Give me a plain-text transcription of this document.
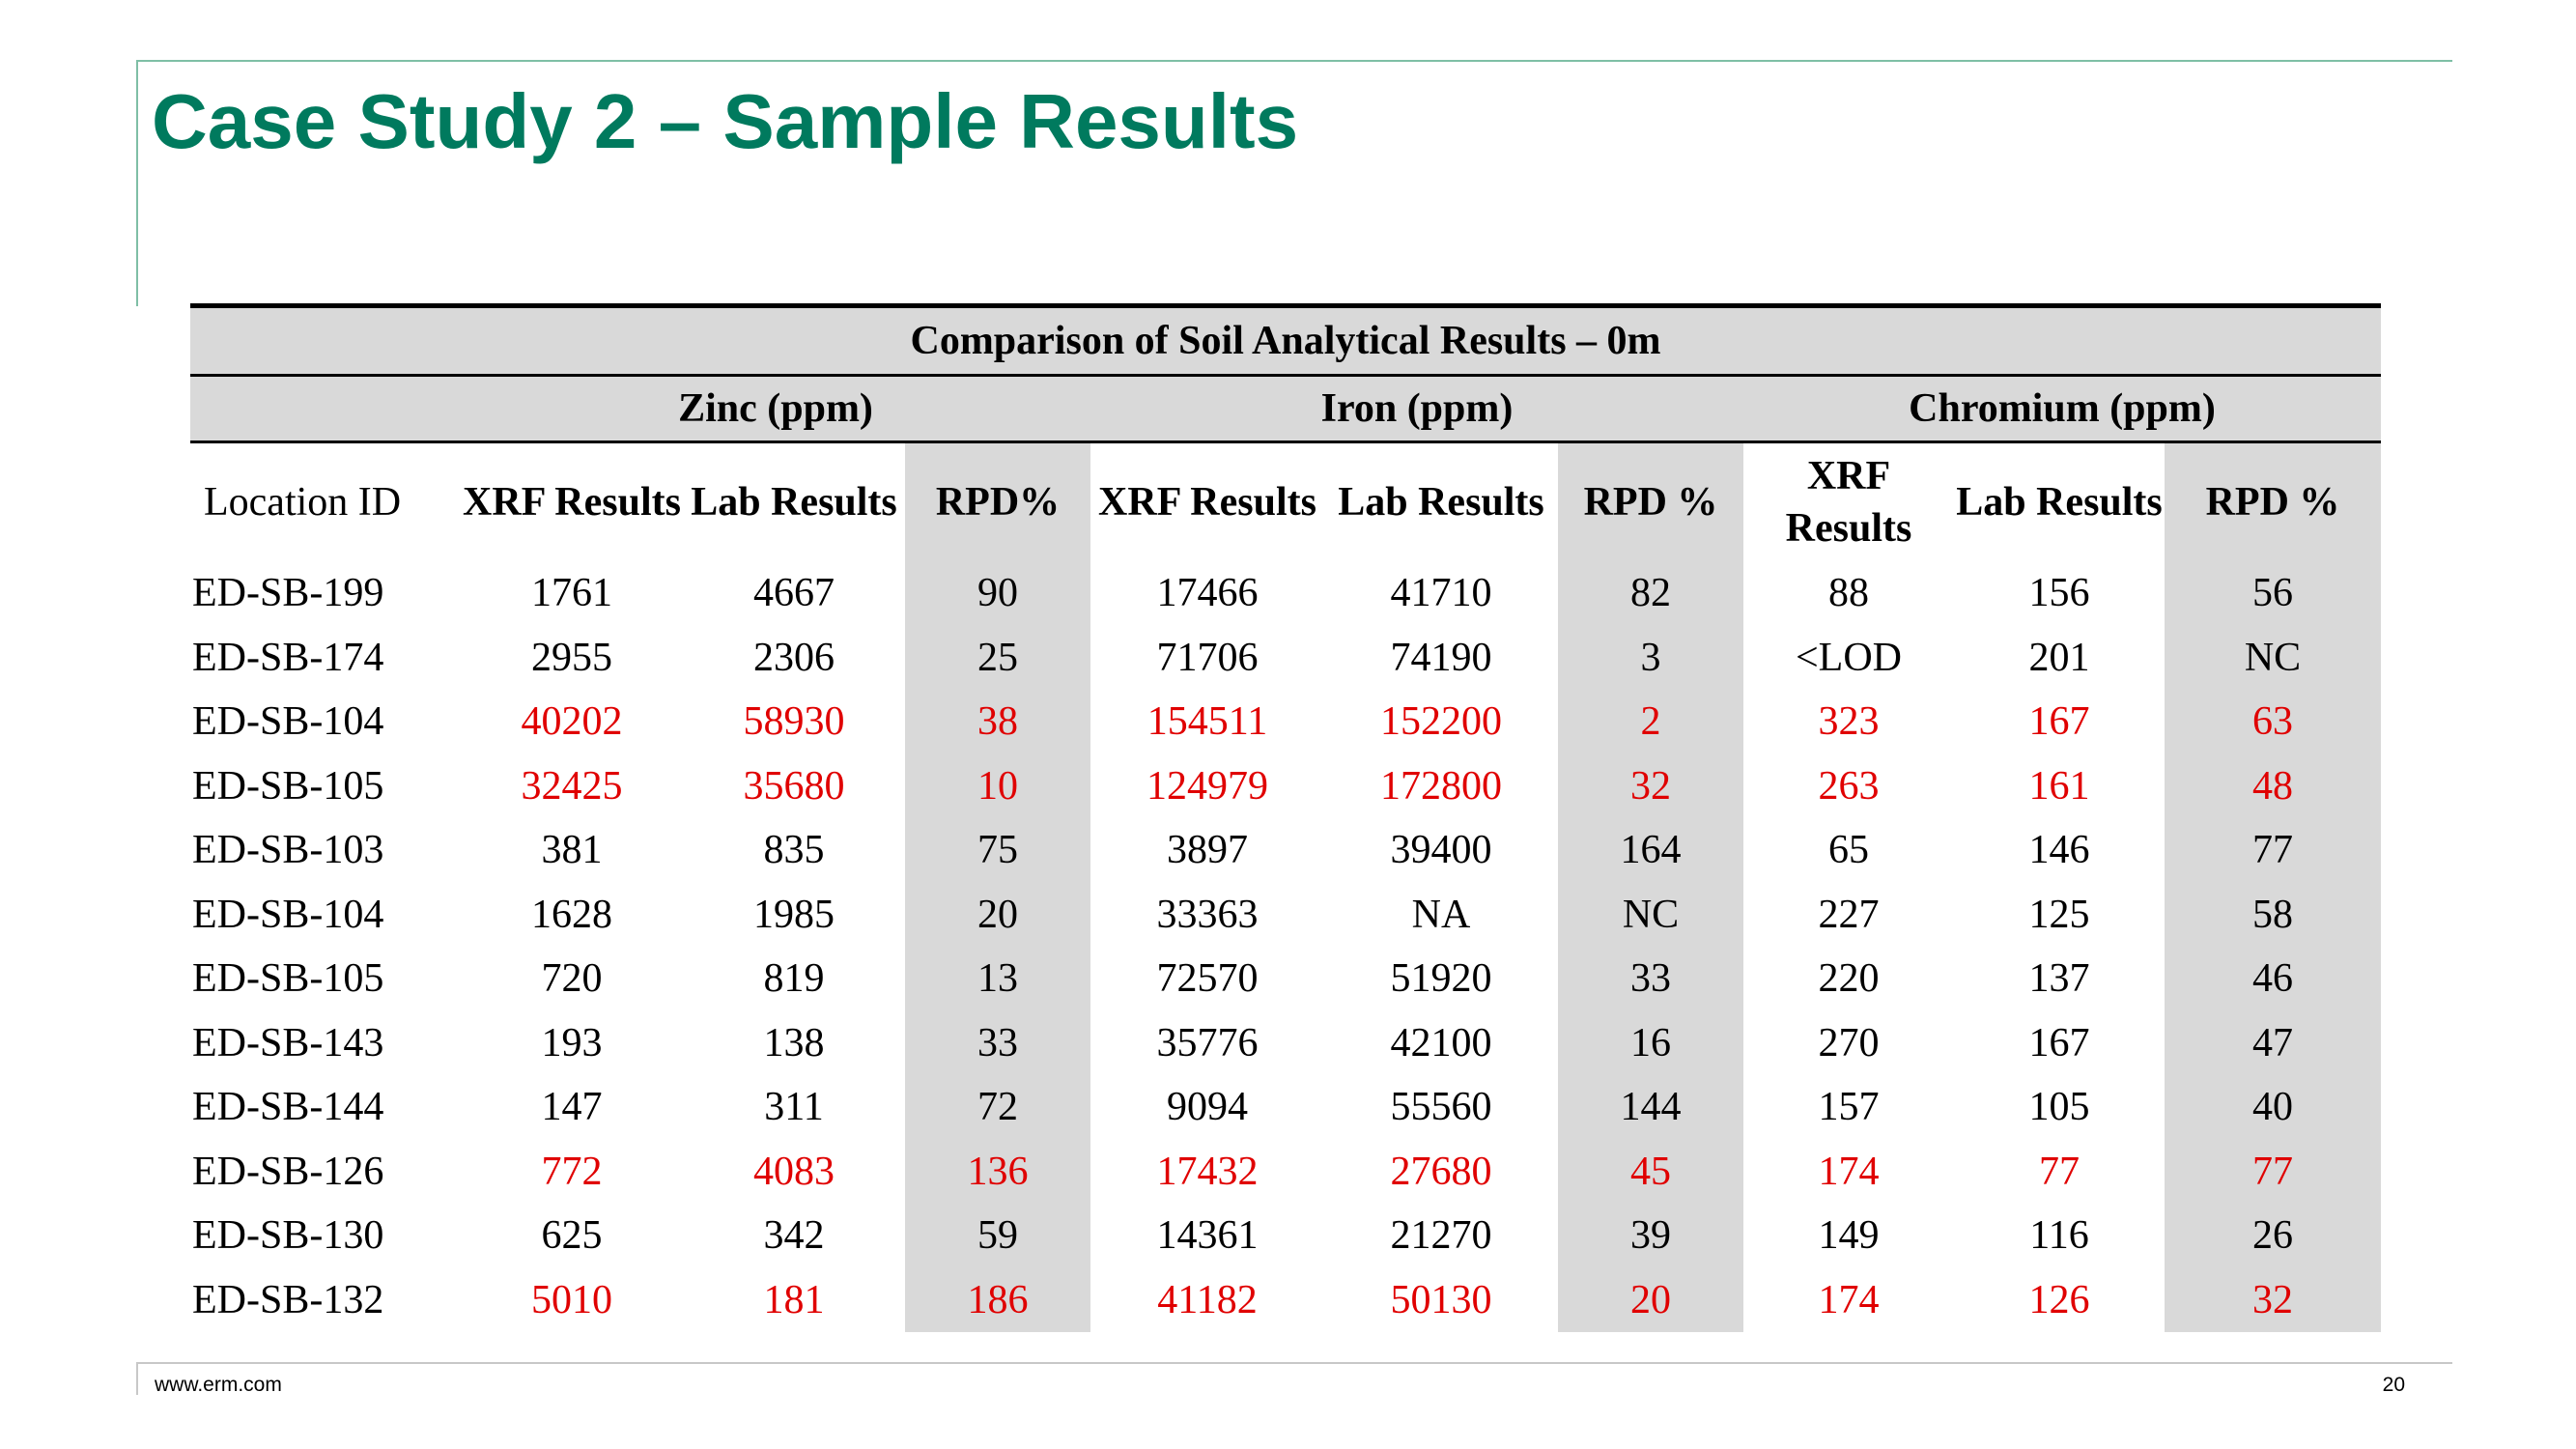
Case Study 2 – Sample Results
Comparison of Soil Analytical Results – 0m									
	Zinc (ppm)			Iron (ppm)			Chromium (ppm)		
Location ID	XRF Results	Lab Results	RPD%	XRF Results	Lab Results	RPD %	XRF Results	Lab Results	RPD %
ED-SB-199	1761	4667	90	17466	41710	82	88	156	56
ED-SB-174	2955	2306	25	71706	74190	3	<LOD	201	NC
ED-SB-104	40202	58930	38	154511	152200	2	323	167	63
ED-SB-105	32425	35680	10	124979	172800	32	263	161	48
ED-SB-103	381	835	75	3897	39400	164	65	146	77
ED-SB-104	1628	1985	20	33363	NA	NC	227	125	58
ED-SB-105	720	819	13	72570	51920	33	220	137	46
ED-SB-143	193	138	33	35776	42100	16	270	167	47
ED-SB-144	147	311	72	9094	55560	144	157	105	40
ED-SB-126	772	4083	136	17432	27680	45	174	77	77
ED-SB-130	625	342	59	14361	21270	39	149	116	26
ED-SB-132	5010	181	186	41182	50130	20	174	126	32
www.erm.com	20
